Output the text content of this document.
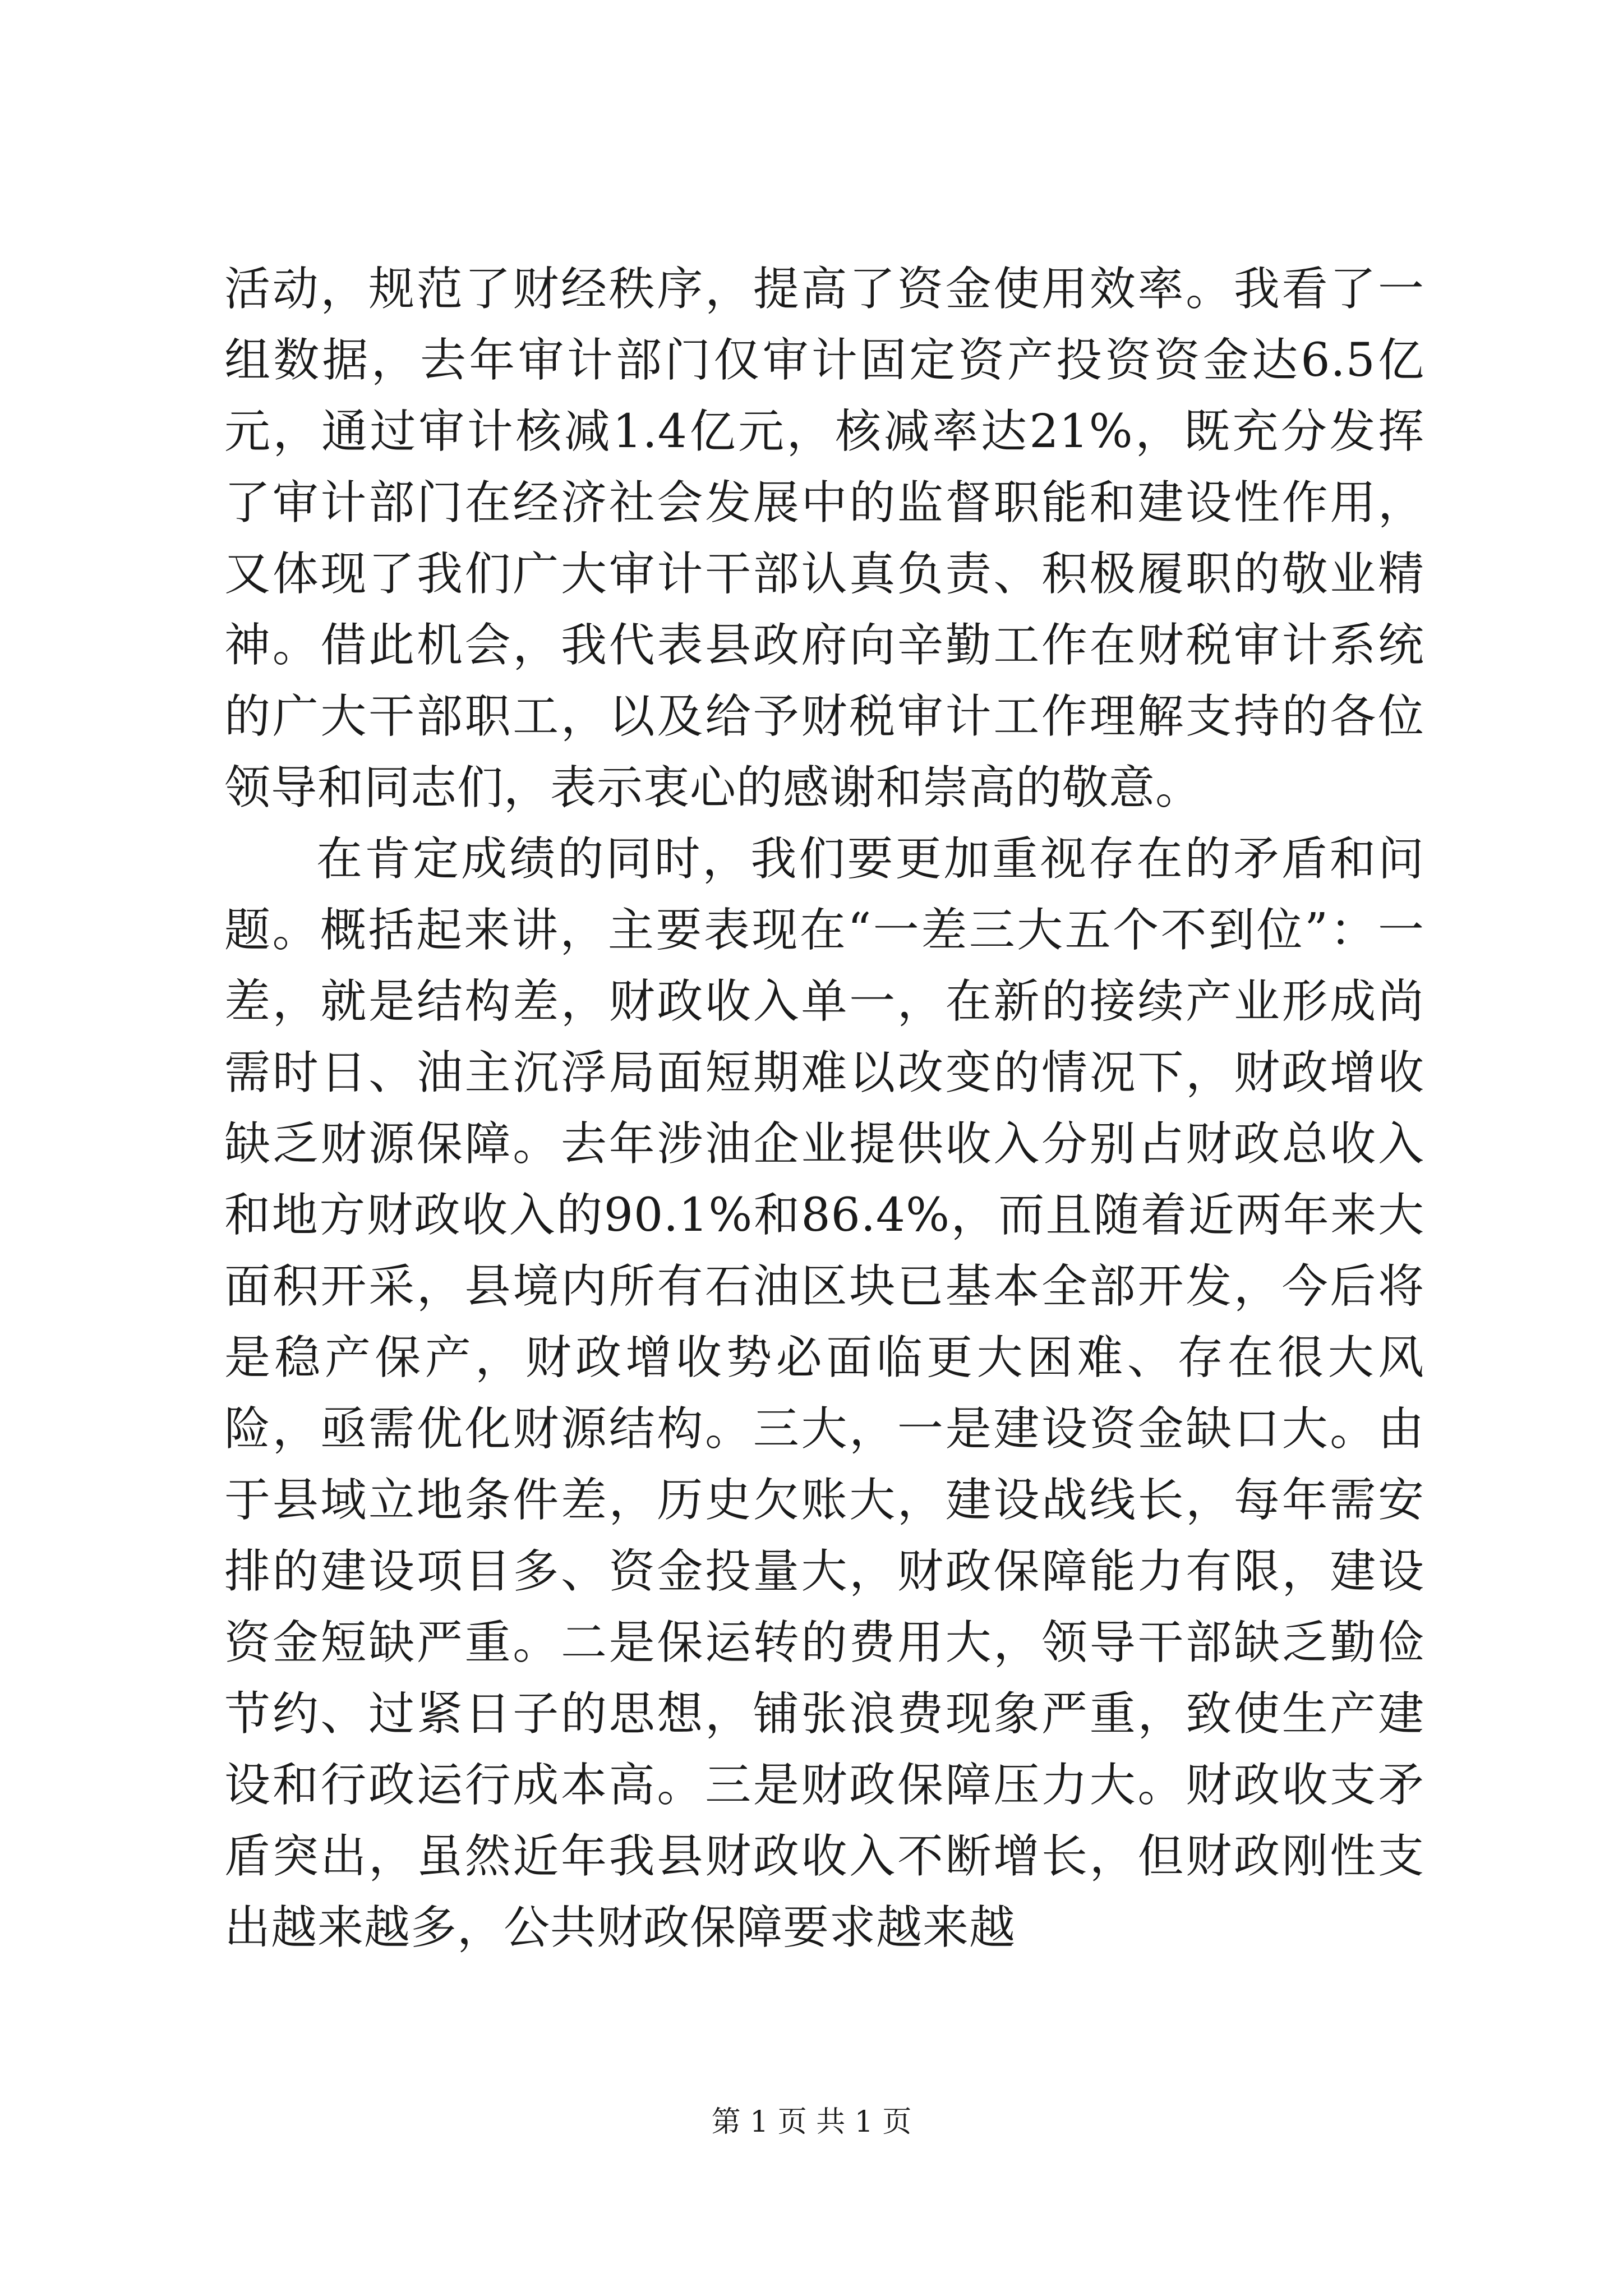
活动，规范了财经秩序，提高了资金使用效率。我看了一组数据，去年审计部门仅审计固定资产投资资金达6.5亿元，通过审计核减1.4亿元，核减率达21%，既充分发挥了审计部门在经济社会发展中的监督职能和建设性作用，又体现了我们广大审计干部认真负责、积极履职的敬业精神。借此机会，我代表县政府向辛勤工作在财税审计系统的广大干部职工，以及给予财税审计工作理解支持的各位领导和同志们，表示衷心的感谢和崇高的敬意。

在肯定成绩的同时，我们要更加重视存在的矛盾和问题。概括起来讲，主要表现在“一差三大五个不到位”：一差，就是结构差，财政收入单一，在新的接续产业形成尚需时日、油主沉浮局面短期难以改变的情况下，财政增收缺乏财源保障。去年涉油企业提供收入分别占财政总收入和地方财政收入的90.1%和86.4%，而且随着近两年来大面积开采，县境内所有石油区块已基本全部开发，今后将是稳产保产，财政增收势必面临更大困难、存在很大风险，亟需优化财源结构。三大，一是建设资金缺口大。由于县域立地条件差，历史欠账大，建设战线长，每年需安排的建设项目多、资金投量大，财政保障能力有限，建设资金短缺严重。二是保运转的费用大，领导干部缺乏勤俭节约、过紧日子的思想，铺张浪费现象严重，致使生产建设和行政运行成本高。三是财政保障压力大。财政收支矛盾突出，虽然近年我县财政收入不断增长，但财政刚性支出越来越多，公共财政保障要求越来越

第 1 页 共 1 页
